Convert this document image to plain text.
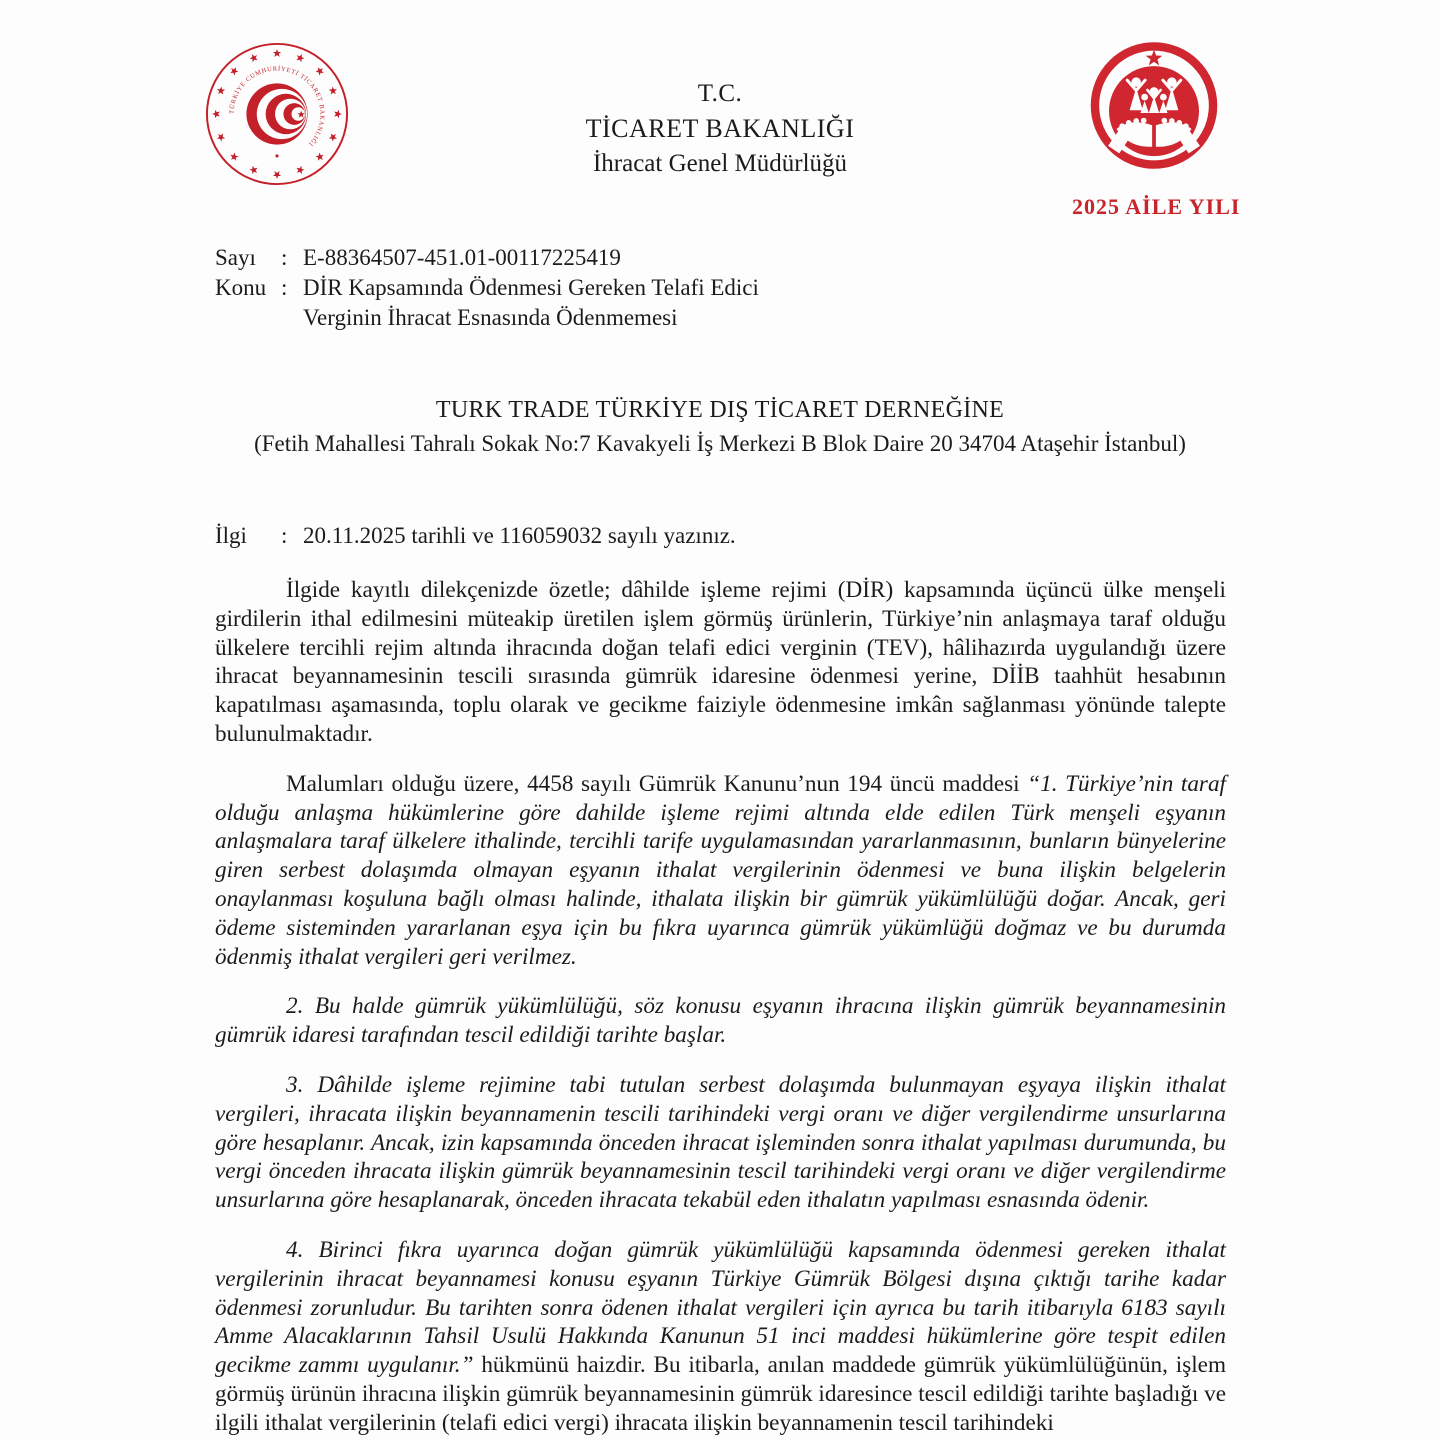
TÜRKİYE CUMHURİYETİ TİCARET BAKANLIĞI
T.C.
TİCARET BAKANLIĞI
İhracat Genel Müdürlüğü
2025 AİLE YILI
Sayı	: E-88364507-451.01-00117225419
Konu : DİR Kapsamında Ödenmesi Gereken Telafi Edici
Verginin İhracat Esnasında Ödenmemesi
TURK TRADE TÜRKİYE DIŞ TİCARET DERNEĞİNE
(Fetih Mahallesi Tahralı Sokak No:7 Kavakyeli İş Merkezi B Blok Daire 20 34704 Ataşehir İstanbul)
İlgi	: 20.11.2025 tarihli ve 116059032 sayılı yazınız.

İlgide kayıtlı dilekçenizde özetle; dâhilde işleme rejimi (DİR) kapsamında üçüncü ülke menşeli girdilerin ithal edilmesini müteakip üretilen işlem görmüş ürünlerin, Türkiye’nin anlaşmaya taraf olduğu ülkelere tercihli rejim altında ihracında doğan telafi edici verginin (TEV), hâlihazırda uygulandığı üzere ihracat beyannamesinin tescili sırasında gümrük idaresine ödenmesi yerine, DİİB taahhüt hesabının kapatılması aşamasında, toplu olarak ve gecikme faiziyle ödenmesine imkân sağlanması yönünde talepte bulunulmaktadır.

Malumları olduğu üzere, 4458 sayılı Gümrük Kanunu’nun 194 üncü maddesi “1. Türkiye’nin taraf olduğu anlaşma hükümlerine göre dahilde işleme rejimi altında elde edilen Türk menşeli eşyanın anlaşmalara taraf ülkelere ithalinde, tercihli tarife uygulamasından yararlanmasının, bunların bünyelerine giren serbest dolaşımda olmayan eşyanın ithalat vergilerinin ödenmesi ve buna ilişkin belgelerin onaylanması koşuluna bağlı olması halinde, ithalata ilişkin bir gümrük yükümlülüğü doğar. Ancak, geri ödeme sisteminden yararlanan eşya için bu fıkra uyarınca gümrük yükümlüğü doğmaz ve bu durumda ödenmiş ithalat vergileri geri verilmez.

2. Bu halde gümrük yükümlülüğü, söz konusu eşyanın ihracına ilişkin gümrük beyannamesinin gümrük idaresi tarafından tescil edildiği tarihte başlar.

3. Dâhilde işleme rejimine tabi tutulan serbest dolaşımda bulunmayan eşyaya ilişkin ithalat vergileri, ihracata ilişkin beyannamenin tescili tarihindeki vergi oranı ve diğer vergilendirme unsurlarına göre hesaplanır. Ancak, izin kapsamında önceden ihracat işleminden sonra ithalat yapılması durumunda, bu vergi önceden ihracata ilişkin gümrük beyannamesinin tescil tarihindeki vergi oranı ve diğer vergilendirme unsurlarına göre hesaplanarak, önceden ihracata tekabül eden ithalatın yapılması esnasında ödenir.

4. Birinci fıkra uyarınca doğan gümrük yükümlülüğü kapsamında ödenmesi gereken ithalat vergilerinin ihracat beyannamesi konusu eşyanın Türkiye Gümrük Bölgesi dışına çıktığı tarihe kadar ödenmesi zorunludur. Bu tarihten sonra ödenen ithalat vergileri için ayrıca bu tarih itibarıyla 6183 sayılı Amme Alacaklarının Tahsil Usulü Hakkında Kanunun 51 inci maddesi hükümlerine göre tespit edilen gecikme zammı uygulanır.” hükmünü haizdir. Bu itibarla, anılan maddede gümrük yükümlülüğünün, işlem görmüş ürünün ihracına ilişkin gümrük beyannamesinin gümrük idaresince tescil edildiği tarihte başladığı ve ilgili ithalat vergilerinin (telafi edici vergi) ihracata ilişkin beyannamenin tescil tarihindeki
